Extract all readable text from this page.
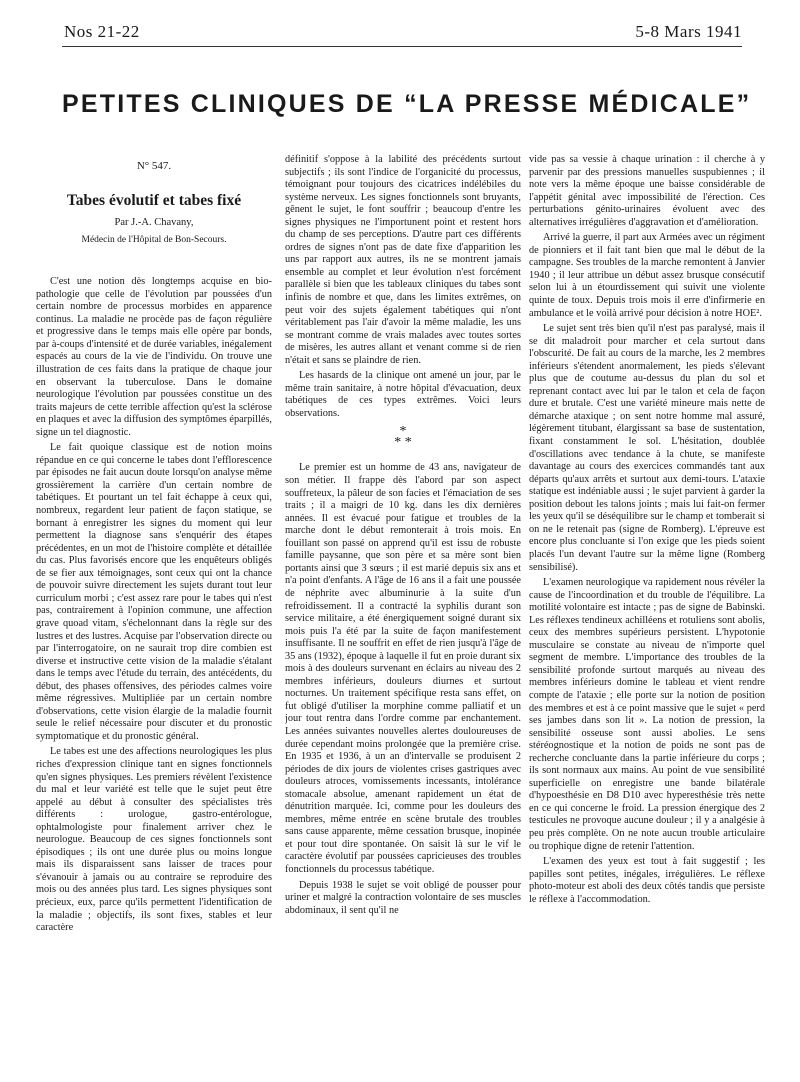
Nos 21-22	5-8 Mars 1941
PETITES CLINIQUES DE “LA PRESSE MÉDICALE”
N° 547.
Tabes évolutif et tabes fixé
Par J.-A. Chavany,
Médecin de l'Hôpital de Bon-Secours.

C'est une notion dès longtemps acquise en bio-pathologie que celle de l'évolution par poussées d'un certain nombre de processus morbides en apparence continus. La maladie ne procède pas de façon régulière et progressive dans le temps mais elle opère par bonds, par à-coups d'intensité et de durée variables, inégalement espacés au cours de la vie de l'individu. On trouve une illustration de ces faits dans la pratique de chaque jour en observant la tuberculose. Dans le domaine neurologique l'évolution par poussées constitue un des traits majeurs de cette terrible affection qu'est la sclérose en plaques et avec la diffusion des symptômes éparpillés, signe un tel diagnostic.

Le fait quoique classique est de notion moins répandue en ce qui concerne le tabes dont l'efflorescence par épisodes ne fait aucun doute lorsqu'on analyse même grossièrement la carrière d'un certain nombre de tabétiques. Et pourtant un tel fait échappe à ceux qui, nombreux, regardent leur patient de façon statique, se bornant à enregistrer les signes du moment qui leur permettent la diagnose sans s'enquérir des étapes précédentes, en un mot de l'histoire complète et détaillée du cas. Plus favorisés encore que les enquêteurs obligés de se fier aux témoignages, sont ceux qui ont la chance de pouvoir suivre directement les sujets durant tout leur curriculum morbi ; c'est assez rare pour le tabes qui n'est pas, contrairement à l'opinion commune, une affection grave quoad vitam, s'échelonnant dans la règle sur des lustres et des lustres. Acquise par l'observation directe ou par l'interrogatoire, on ne saurait trop dire combien est diverse et instructive cette vision de la maladie s'étalant dans le temps avec l'étude du terrain, des antécédents, du début, des phases offensives, des périodes calmes voire même régressives. Multipliée par un certain nombre d'observations, cette vision élargie de la maladie fournit seule le relief nécessaire pour discuter et du pronostic symptomatique et du pronostic général.

Le tabes est une des affections neurologiques les plus riches d'expression clinique tant en signes fonctionnels qu'en signes physiques. Les premiers révèlent l'existence du mal et leur variété est telle que le sujet peut être appelé au début à consulter des spécialistes très différents : urologue, gastro-entérologue, ophtalmologiste pour finalement arriver chez le neurologue. Beaucoup de ces signes fonctionnels sont épisodiques ; ils ont une durée plus ou moins longue mais ils disparaissent sans laisser de traces pour s'évanouir à jamais ou au contraire se reproduire des mois ou des années plus tard. Les signes physiques sont précieux, eux, parce qu'ils permettent l'identification de la maladie ; objectifs, ils sont fixes, stables et leur caractère

définitif s'oppose à la labilité des précédents surtout subjectifs ; ils sont l'indice de l'organicité du processus, témoignant pour toujours des cicatrices indélébiles du système nerveux. Les signes fonctionnels sont bruyants, gênent le sujet, le font souffrir ; beaucoup d'entre les signes physiques ne l'importunent point et restent hors du champ de ses perceptions. D'autre part ces différents ordres de signes n'ont pas de date fixe d'apparition les uns par rapport aux autres, ils ne se montrent jamais ensemble au complet et leur évolution n'est forcément parallèle si bien que les tableaux cliniques du tabes sont infinis de nombre et que, dans les limites extrêmes, on peut voir des sujets également tabétiques qui n'ont véritablement pas l'air d'avoir la même maladie, les uns se montrant comme de vrais malades avec toutes sortes de misères, les autres allant et venant comme si de rien n'était et sans se plaindre de rien.

Les hasards de la clinique ont amené un jour, par le même train sanitaire, à notre hôpital d'évacuation, deux tabétiques de ces types extrêmes. Voici leurs observations.

*
* *

Le premier est un homme de 43 ans, navigateur de son métier. Il frappe dès l'abord par son aspect souffreteux, la pâleur de son facies et l'émaciation de ses traits ; il a maigri de 10 kg. dans les dix dernières années. Il est évacué pour fatigue et troubles de la marche dont le début remonterait à trois mois. En fouillant son passé on apprend qu'il est issu de robuste famille paysanne, que son père et sa mère sont bien portants ainsi que 3 sœurs ; il est marié depuis six ans et n'a point d'enfants. A l'âge de 16 ans il a fait une poussée de néphrite avec albuminurie à la suite d'un refroidissement. Il a contracté la syphilis durant son service militaire, a été énergiquement soigné durant six mois puis l'a été par la suite de façon manifestement insuffisante. Il ne souffrit en effet de rien jusqu'à l'âge de 35 ans (1932), époque à laquelle il fut en proie durant six mois à des douleurs survenant en éclairs au niveau des 2 membres inférieurs, douleurs diurnes et surtout nocturnes. Un traitement spécifique resta sans effet, on fut obligé d'utiliser la morphine comme palliatif et un jour tout rentra dans l'ordre comme par enchantement. Les années suivantes nouvelles alertes douloureuses de durée cependant moins prolongée que la première crise. En 1935 et 1936, à un an d'intervalle se produisent 2 périodes de dix jours de violentes crises gastriques avec douleurs atroces, vomissements incessants, intolérance stomacale absolue, amenant rapidement un état de dénutrition marquée. Ici, comme pour les douleurs des membres, même entrée en scène brutale des troubles sans cause apparente, même cessation brusque, inopinée et pour tout dire spontanée. On saisit là sur le vif le caractère évolutif par poussées capricieuses des troubles fonctionnels du processus tabétique.

Depuis 1938 le sujet se voit obligé de pousser pour uriner et malgré la contraction volontaire de ses muscles abdominaux, il sent qu'il ne

vide pas sa vessie à chaque urination : il cherche à y parvenir par des pressions manuelles suspubiennes ; il note vers la même époque une baisse considérable de l'appétit génital avec impossibilité de l'érection. Ces perturbations génito-urinaires évoluent avec des alternatives irrégulières d'aggravation et d'amélioration.

Arrivé la guerre, il part aux Armées avec un régiment de pionniers et il fait tant bien que mal le début de la campagne. Ses troubles de la marche remontent à Janvier 1940 ; il leur attribue un début assez brusque consécutif selon lui à un étourdissement qui suivit une violente quinte de toux. Depuis trois mois il erre d'infirmerie en ambulance et le voilà arrivé pour décision à notre HOE².

Le sujet sent très bien qu'il n'est pas paralysé, mais il se dit maladroit pour marcher et cela surtout dans l'obscurité. De fait au cours de la marche, les 2 membres inférieurs s'étendent anormalement, les pieds s'élevant plus que de coutume au-dessus du plan du sol et reprenant contact avec lui par le talon et cela de façon dure et brutale. C'est une variété mineure mais nette de démarche ataxique ; on sent notre homme mal assuré, légèrement titubant, élargissant sa base de sustentation, fixant constamment le sol. L'hésitation, doublée d'oscillations avec tendance à la chute, se manifeste davantage au cours des exercices commandés tant aux départs qu'aux arrêts et surtout aux demi-tours. L'ataxie statique est indéniable aussi ; le sujet parvient à garder la position debout les talons joints ; mais lui fait-on fermer les yeux qu'il se déséquilibre sur le champ et tomberait si on ne le retenait pas (signe de Romberg). L'épreuve est encore plus concluante si l'on exige que les pieds soient placés l'un devant l'autre sur la même ligne (Romberg sensibilisé).

L'examen neurologique va rapidement nous révéler la cause de l'incoordination et du trouble de l'équilibre. La motilité volontaire est intacte ; pas de signe de Babinski. Les réflexes tendineux achilléens et rotuliens sont abolis, ceux des membres supérieurs persistent. L'hypotonie musculaire se constate au niveau de n'importe quel segment de membre. L'importance des troubles de la sensibilité profonde surtout marqués au niveau des membres inférieurs domine le tableau et vient rendre compte de l'ataxie ; elle porte sur la notion de position des membres et est à ce point massive que le sujet « perd ses jambes dans son lit ». La notion de pression, la sensibilité osseuse sont aussi abolies. Le sens stéréognostique et la notion de poids ne sont pas de recherche concluante dans la partie inférieure du corps ; ils sont normaux aux mains. Au point de vue sensibilité superficielle on enregistre une bande bilatérale d'hypoesthésie en D8 D10 avec hyperesthésie très nette en ce qui concerne le froid. La pression énergique des 2 testicules ne provoque aucune douleur ; il y a analgésie à peu près complète. On ne note aucun trouble articulaire ou trophique digne de retenir l'attention.

L'examen des yeux est tout à fait suggestif ; les papilles sont petites, inégales, irrégulières. Le réflexe photo-moteur est aboli des deux côtés tandis que persiste le réflexe à l'accommodation.
